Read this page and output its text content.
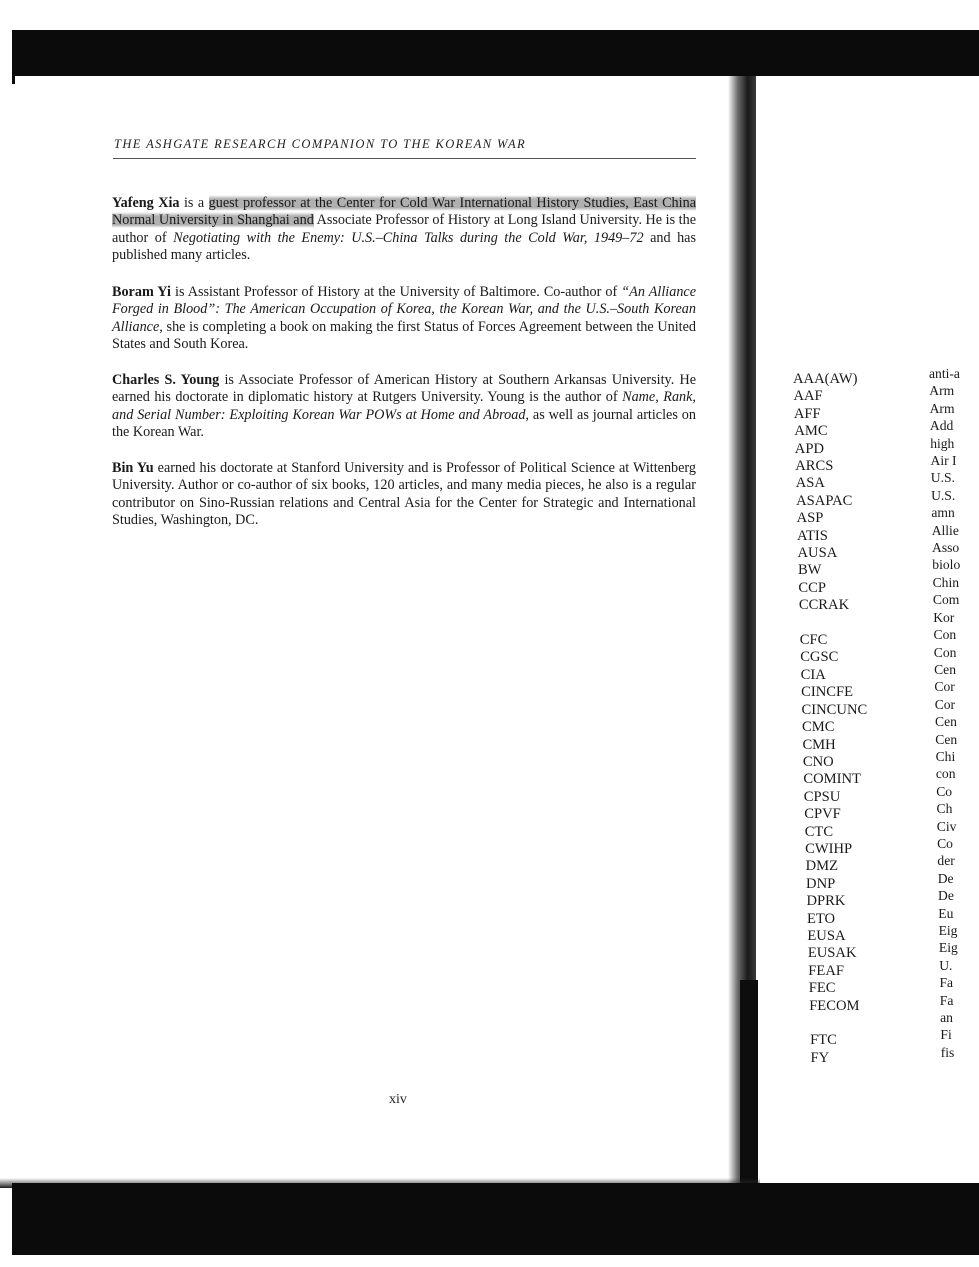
THE ASHGATE RESEARCH COMPANION TO THE KOREAN WAR

Yafeng Xia is a guest professor at the Center for Cold War International History Studies, East China Normal University in Shanghai and Associate Professor of History at Long Island University. He is the author of Negotiating with the Enemy: U.S.–China Talks during the Cold War, 1949–72 and has published many articles.

Boram Yi is Assistant Professor of History at the University of Baltimore. Co-author of “An Alliance Forged in Blood”: The American Occupation of Korea, the Korean War, and the U.S.–South Korean Alliance, she is completing a book on making the first Status of Forces Agreement between the United States and South Korea.

Charles S. Young is Associate Professor of American History at Southern Arkansas University. He earned his doctorate in diplomatic history at Rutgers University. Young is the author of Name, Rank, and Serial Number: Exploiting Korean War POWs at Home and Abroad, as well as journal articles on the Korean War.

Bin Yu earned his doctorate at Stanford University and is Professor of Political Science at Wittenberg University. Author or co-author of six books, 120 articles, and many media pieces, he also is a regular contributor on Sino-Russian relations and Central Asia for the Center for Strategic and International Studies, Washington, DC.

xiv
AAA(AW)
AAF
AFF
AMC
APD
ARCS
ASA
ASAPAC
ASP
ATIS
AUSA
BW
CCP
CCRAK
CFC
CGSC
CIA
CINCFE
CINCUNC
CMC
CMH
CNO
COMINT
CPSU
CPVF
CTC
CWIHP
DMZ
DNP
DPRK
ETO
EUSA
EUSAK
FEAF
FEC
FECOM
FTC
FY
anti-a
Arm
Arm
Add
high
Air I
U.S.
U.S.
amn
Allie
Asso
biolo
Chin
Com
Kor
Con
Con
Cen
Cor
Cor
Cen
Cen
Chi
con
Co
Ch
Civ
Co
der
De
De
Eu
Eig
Eig
U.
Fa
Fa
an
Fi
fis
